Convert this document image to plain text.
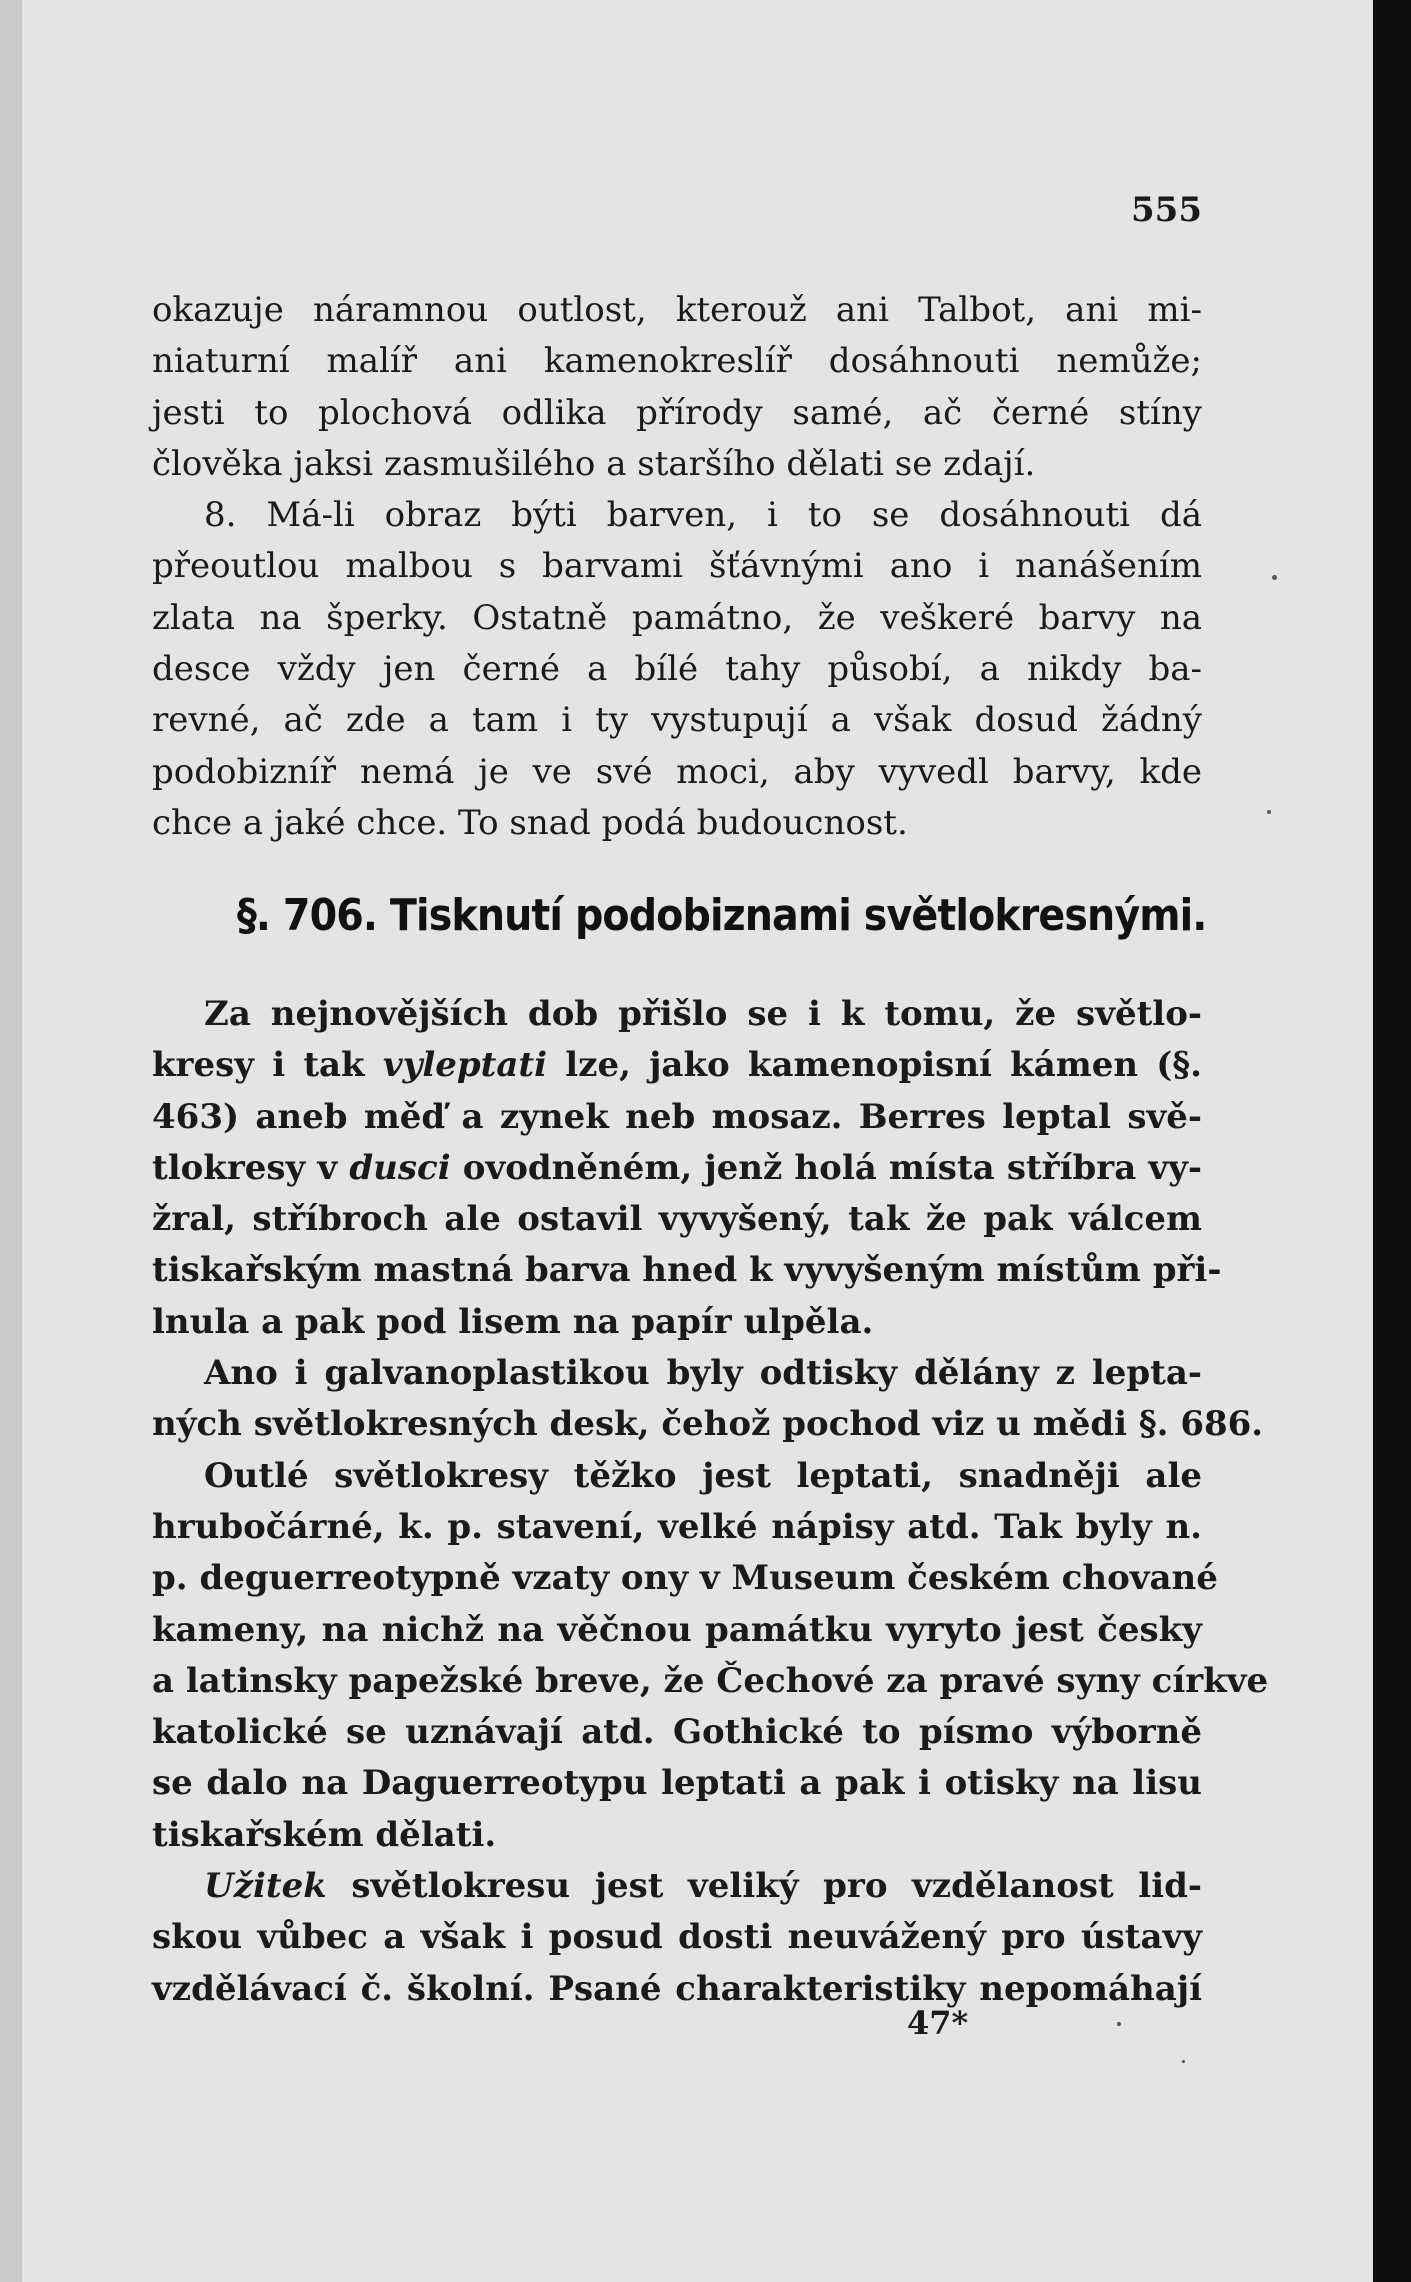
555
okazuje náramnou outlost, kterouž ani Talbot, ani mi-
niaturní malíř ani kamenokreslíř dosáhnouti nemůže;
jesti to plochová odlika přírody samé, ač černé stíny
člověka jaksi zasmušilého a staršího dělati se zdají.
8. Má-li obraz býti barven, i to se dosáhnouti dá
přeoutlou malbou s barvami šťávnými ano i nanášením
zlata na šperky. Ostatně památno, že veškeré barvy na
desce vždy jen černé a bílé tahy působí, a nikdy ba-
revné, ač zde a tam i ty vystupují a však dosud žádný
podobizníř nemá je ve své moci, aby vyvedl barvy, kde
chce a jaké chce. To snad podá budoucnost.
§. 706. Tisknutí podobiznami světlokresnými.
Za nejnovějších dob přišlo se i k tomu, že světlo-
kresy i tak vyleptati lze, jako kamenopisní kámen (§.
463) aneb měď a zynek neb mosaz. Berres leptal svě-
tlokresy v dusci ovodněném, jenž holá místa stříbra vy-
žral, stříbroch ale ostavil vyvyšený, tak že pak válcem
tiskařským mastná barva hned k vyvyšeným místům při-
lnula a pak pod lisem na papír ulpěla.
Ano i galvanoplastikou byly odtisky dělány z lepta-
ných světlokresných desk, čehož pochod viz u mědi §. 686.
Outlé světlokresy těžko jest leptati, snadněji ale
hrubočárné, k. p. stavení, velké nápisy atd. Tak byly n.
p. deguerreotypně vzaty ony v Museum českém chované
kameny, na nichž na věčnou památku vyryto jest česky
a latinsky papežské breve, že Čechové za pravé syny církve
katolické se uznávají atd. Gothické to písmo výborně
se dalo na Daguerreotypu leptati a pak i otisky na lisu
tiskařském dělati.
Užitek světlokresu jest veliký pro vzdělanost lid-
skou vůbec a však i posud dosti neuvážený pro ústavy
vzdělávací č. školní. Psané charakteristiky nepomáhají
47*
